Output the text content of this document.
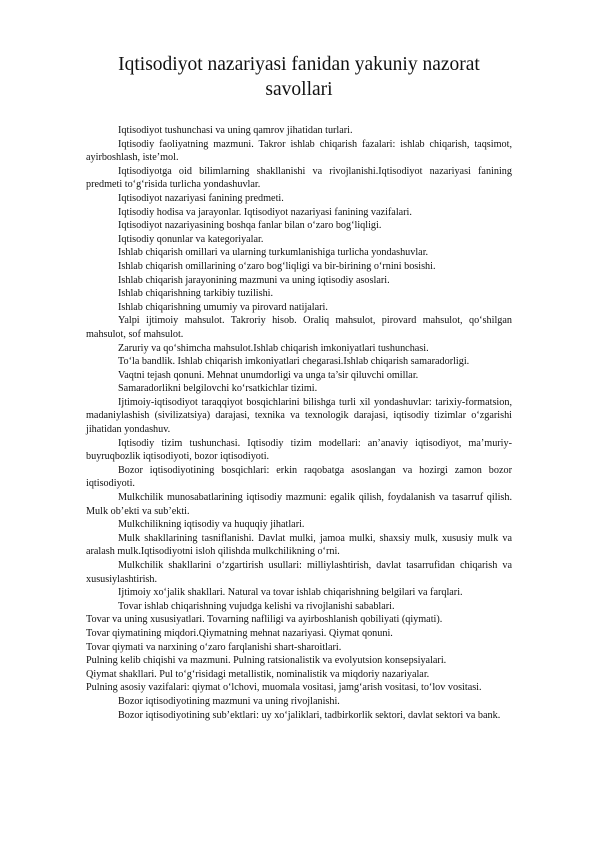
Iqtisodiyot nazariyasi fanidan yakuniy nazorat savollari

Iqtisodiyot tushunchasi va uning qamrov jihatidan turlari.

Iqtisodiy faoliyatning mazmuni. Takror ishlab chiqarish fazalari: ishlab chiqarish, taqsimot, ayirboshlash, iste’mol.

Iqtisodiyotga oid bilimlarning shakllanishi va rivojlanishi.Iqtisodiyot nazariyasi fanining predmeti to‘g‘risida turlicha yondashuvlar.

Iqtisodiyot nazariyasi fanining predmeti.

Iqtisodiy hodisa va jarayonlar. Iqtisodiyot nazariyasi fanining vazifalari.

Iqtisodiyot nazariyasining boshqa fanlar bilan o‘zaro bog‘liqligi.

Iqtisodiy qonunlar va kategoriyalar.

Ishlab chiqarish omillari va ularning turkumlanishiga turlicha yondashuvlar.

Ishlab chiqarish omillarining o‘zaro bog‘liqligi va bir-birining o‘rnini bosishi.

Ishlab chiqarish jarayonining mazmuni va uning iqtisodiy asoslari.

Ishlab chiqarishning tarkibiy tuzilishi.

Ishlab chiqarishning umumiy va pirovard natijalari.

Yalpi ijtimoiy mahsulot. Takroriy hisob. Oraliq mahsulot, pirovard mahsulot, qo‘shilgan mahsulot, sof mahsulot.

Zaruriy va qo‘shimcha mahsulot.Ishlab chiqarish imkoniyatlari tushunchasi.

To‘la bandlik. Ishlab chiqarish imkoniyatlari chegarasi.Ishlab chiqarish samaradorligi.

Vaqtni tejash qonuni. Mehnat unumdorligi va unga ta’sir qiluvchi omillar.

Samaradorlikni belgilovchi ko‘rsatkichlar tizimi.

Ijtimoiy-iqtisodiyot taraqqiyot bosqichlarini bilishga turli xil yondashuvlar: tarixiy-formatsion, madaniylashish (sivilizatsiya) darajasi, texnika va texnologik darajasi, iqtisodiy tizimlar o‘zgarishi jihatidan yondashuv.

Iqtisodiy tizim tushunchasi. Iqtisodiy tizim modellari: an’anaviy iqtisodiyot, ma’muriy-buyruqbozlik iqtisodiyoti, bozor iqtisodiyoti.

Bozor iqtisodiyotining bosqichlari: erkin raqobatga asoslangan va hozirgi zamon bozor iqtisodiyoti.

Mulkchilik munosabatlarining iqtisodiy mazmuni: egalik qilish, foydalanish va tasarruf qilish. Mulk ob’ekti va sub’ekti.

Mulkchilikning iqtisodiy va huquqiy jihatlari.

Mulk shakllarining tasniflanishi. Davlat mulki, jamoa mulki, shaxsiy mulk, xususiy mulk va aralash mulk.Iqtisodiyotni isloh qilishda mulkchilikning o‘rni.

Mulkchilik shakllarini o‘zgartirish usullari: milliylashtirish, davlat tasarrufidan chiqarish va xususiylashtirish.

Ijtimoiy xo‘jalik shakllari. Natural va tovar ishlab chiqarishning belgilari va farqlari.

Tovar ishlab chiqarishning vujudga kelishi va rivojlanishi sabablari.

Tovar va uning xususiyatlari. Tovarning nafliligi va ayirboshlanish qobiliyati (qiymati).

Tovar qiymatining miqdori.Qiymatning mehnat nazariyasi. Qiymat qonuni.

Tovar qiymati va narxining o‘zaro farqlanishi shart-sharoitlari.

Pulning kelib chiqishi va mazmuni. Pulning ratsionalistik va evolyutsion konsepsiyalari.

Qiymat shakllari. Pul to‘g‘risidagi metallistik, nominalistik va miqdoriy nazariyalar.

Pulning asosiy vazifalari: qiymat o‘lchovi, muomala vositasi, jamg‘arish vositasi, to‘lov vositasi.

Bozor iqtisodiyotining mazmuni va uning rivojlanishi.

Bozor iqtisodiyotining sub’ektlari: uy xo‘jaliklari, tadbirkorlik sektori, davlat sektori va bank.
